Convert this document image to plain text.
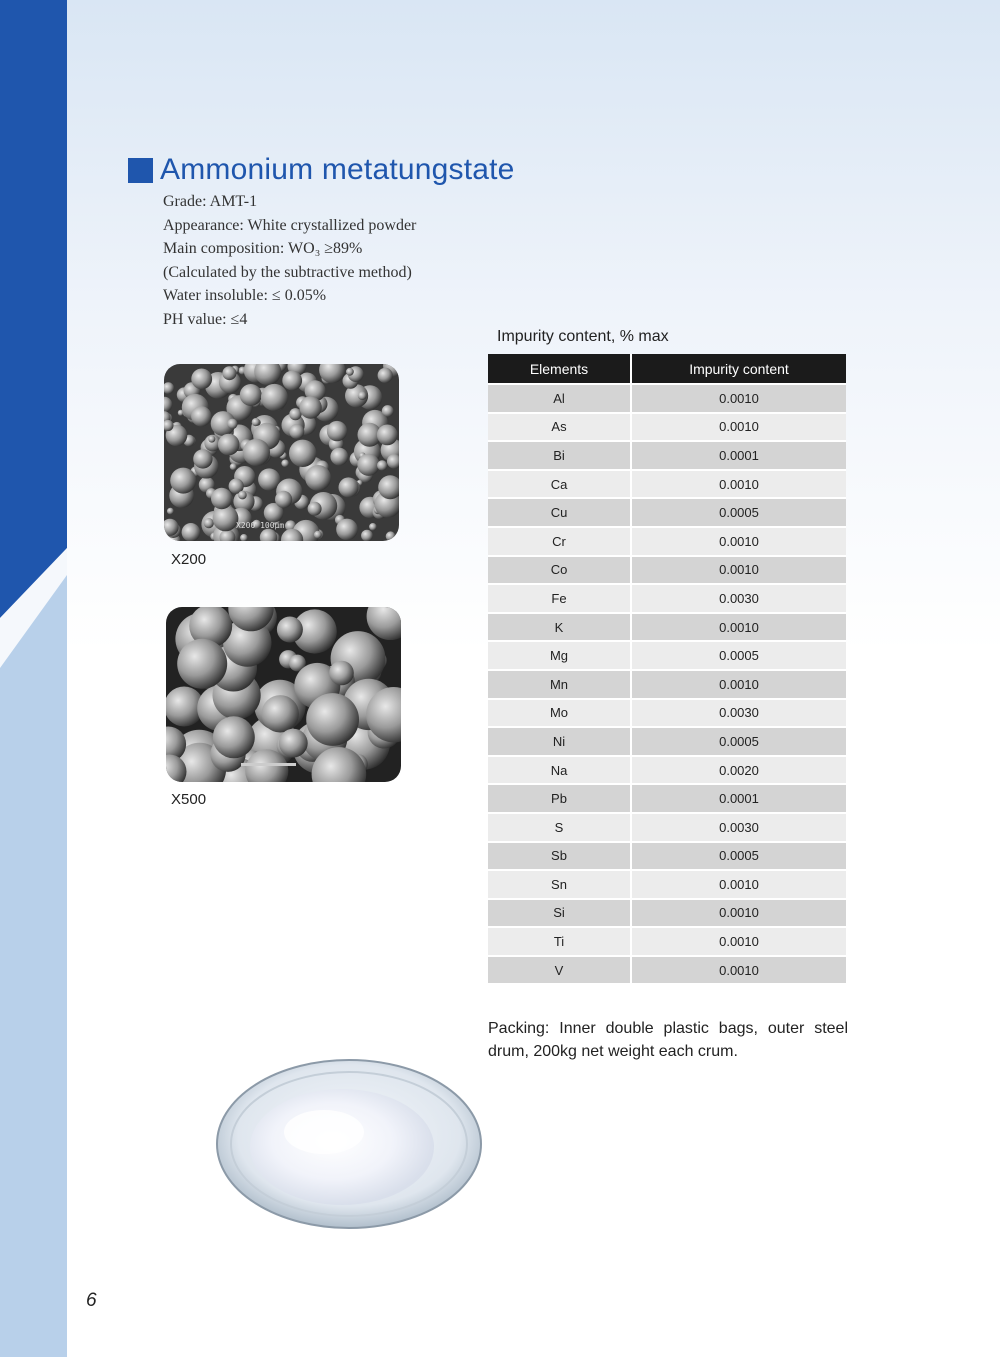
Ammonium metatungstate
Grade: AMT-1
Appearance: White crystallized powder
Main composition: WO₃ ≥89%
(Calculated by the subtractive method)
Water insoluble: ≤ 0.05%
PH value: ≤4
X200 100µm
X200
X500
Impurity content, % max
Elements	Impurity content
Al	0.0010
As	0.0010
Bi	0.0001
Ca	0.0010
Cu	0.0005
Cr	0.0010
Co	0.0010
Fe	0.0030
K	0.0010
Mg	0.0005
Mn	0.0010
Mo	0.0030
Ni	0.0005
Na	0.0020
Pb	0.0001
S	0.0030
Sb	0.0005
Sn	0.0010
Si	0.0010
Ti	0.0010
V	0.0010
Packing: Inner double plastic bags, outer steel drum, 200kg net weight each crum.
6
